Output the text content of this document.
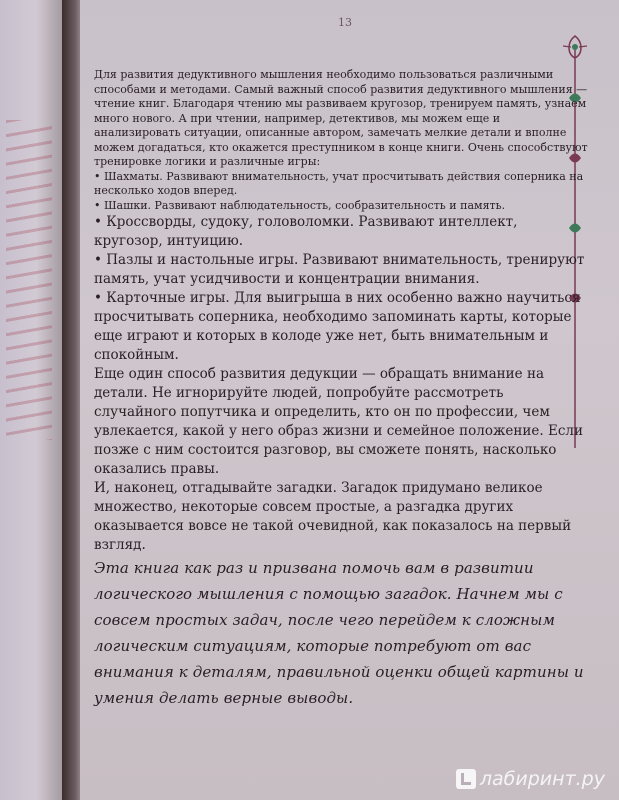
13

Для развития дедуктивного мышления необходимо пользоваться различными способами и методами. Самый важный способ развития дедуктивного мышления — чтение книг. Благодаря чтению мы развиваем кругозор, тренируем память, узнаем много нового. А при чтении, например, детективов, мы можем еще и анализировать ситуации, описанные автором, замечать мелкие детали и вполне можем догадаться, кто окажется преступником в конце книги. Очень способствуют тренировке логики и различные игры:

• Шахматы. Развивают внимательность, учат просчитывать действия соперника на несколько ходов вперед.

• Шашки. Развивают наблюдательность, сообразительность и память.

• Кроссворды, судоку, головоломки. Развивают интеллект, кругозор, интуицию.

• Пазлы и настольные игры. Развивают внимательность, тренируют память, учат усидчивости и концентрации внимания.

• Карточные игры. Для выигрыша в них особенно важно научиться просчитывать соперника, необходимо запоминать карты, которые еще играют и которых в колоде уже нет, быть внимательным и спокойным.

Еще один способ развития дедукции — обращать внимание на детали. Не игнорируйте людей, попробуйте рассмотреть случайного попутчика и определить, кто он по профессии, чем увлекается, какой у него образ жизни и семейное положение. Если позже с ним состоится разговор, вы сможете понять, насколько оказались правы.

И, наконец, отгадывайте загадки. Загадок придумано великое множество, некоторые совсем простые, а разгадка других оказывается вовсе не такой очевидной, как показалось на первый взгляд.

Эта книга как раз и призвана помочь вам в развитии логического мышления с помощью загадок. Начнем мы с совсем простых задач, после чего перейдем к сложным логическим ситуациям, которые потребуют от вас внимания к деталям, правильной оценки общей картины и умения делать верные выводы.

лабиринт.ру
